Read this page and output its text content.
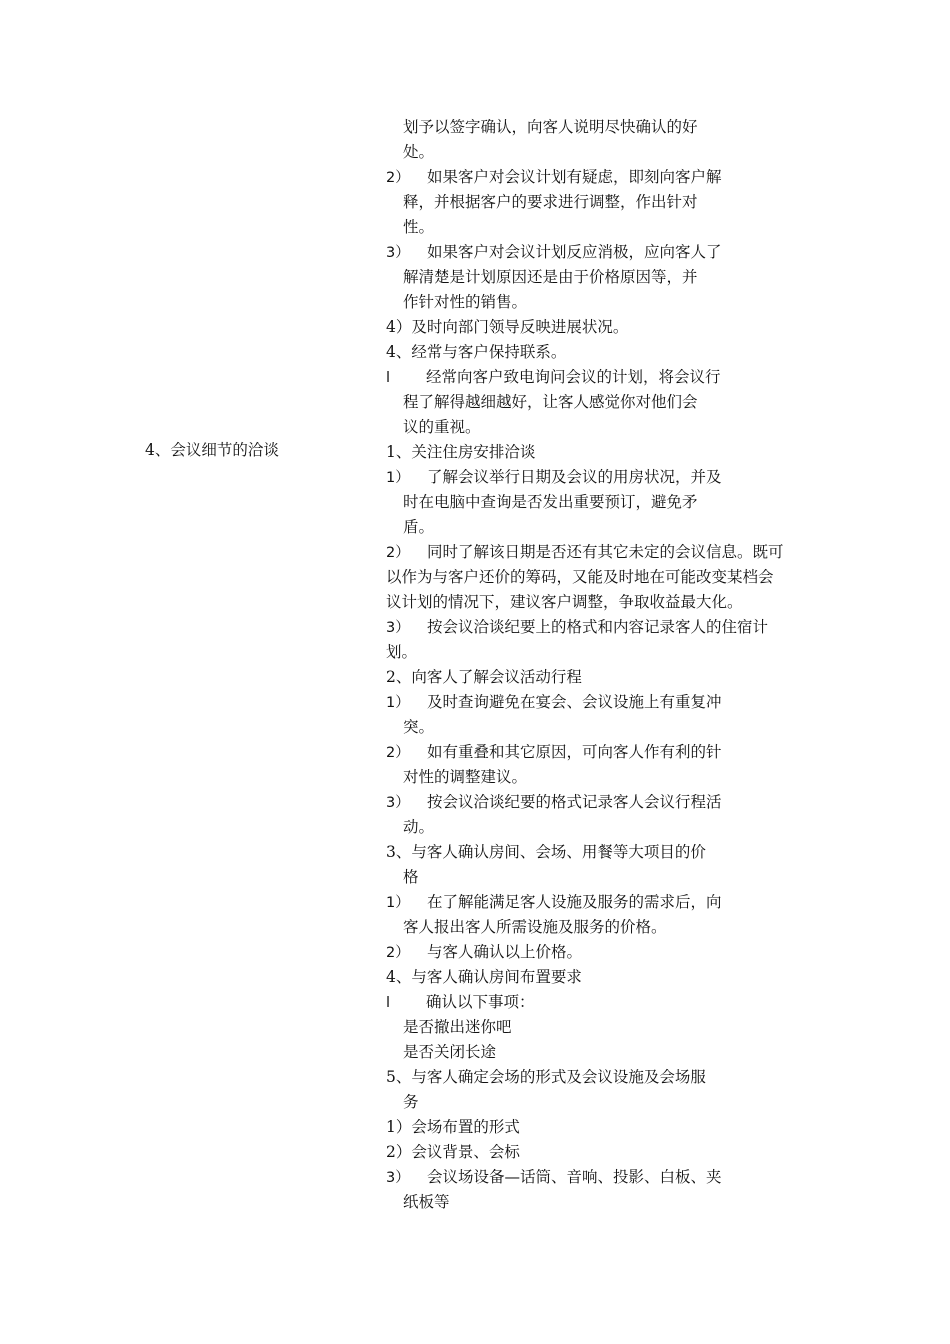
4、会议细节的洽谈
划予以签字确认，向客人说明尽快确认的好
处。
2） 如果客户对会议计划有疑虑，即刻向客户解
释，并根据客户的要求进行调整，作出针对
性。
3） 如果客户对会议计划反应消极，应向客人了
解清楚是计划原因还是由于价格原因等，并
作针对性的销售。
4）及时向部门领导反映进展状况。
4、经常与客户保持联系。
l 经常向客户致电询问会议的计划，将会议行
程了解得越细越好，让客人感觉你对他们会
议的重视。
1、关注住房安排洽谈
1） 了解会议举行日期及会议的用房状况，并及
时在电脑中查询是否发出重要预订，避免矛
盾。
2） 同时了解该日期是否还有其它未定的会议信息。既可
以作为与客户还价的筹码，又能及时地在可能改变某档会
议计划的情况下，建议客户调整，争取收益最大化。
3） 按会议洽谈纪要上的格式和内容记录客人的住宿计
划。
2、向客人了解会议活动行程
1） 及时查询避免在宴会、会议设施上有重复冲
突。
2） 如有重叠和其它原因，可向客人作有利的针
对性的调整建议。
3） 按会议洽谈纪要的格式记录客人会议行程活
动。
3、与客人确认房间、会场、用餐等大项目的价
格
1） 在了解能满足客人设施及服务的需求后，向
客人报出客人所需设施及服务的价格。
2） 与客人确认以上价格。
4、与客人确认房间布置要求
l 确认以下事项：
是否撤出迷你吧
是否关闭长途
5、与客人确定会场的形式及会议设施及会场服
务
1）会场布置的形式
2）会议背景、会标
3） 会议场设备—话筒、音响、投影、白板、夹
纸板等
